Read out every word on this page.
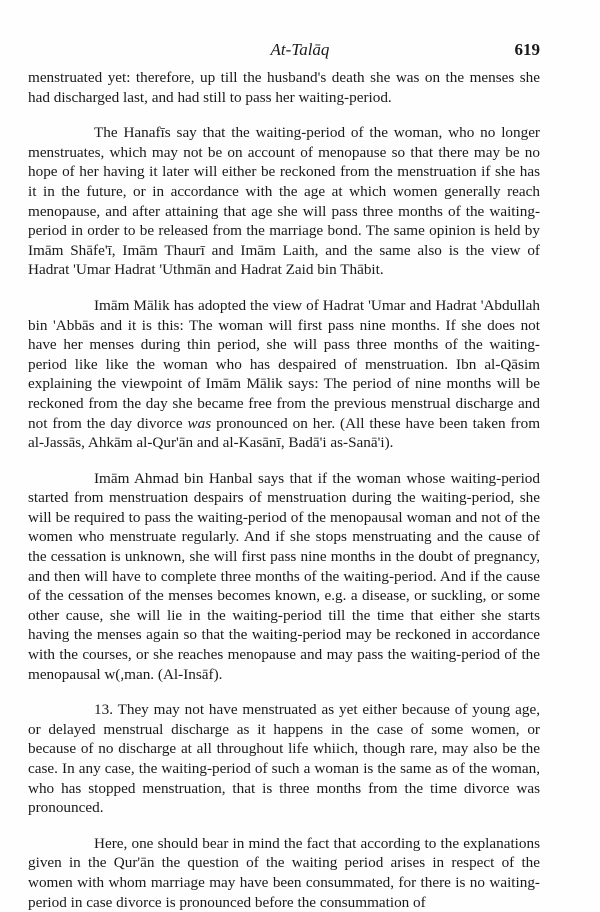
At-Talāq	619

menstruated yet: therefore, up till the husband's death she was on the menses she had discharged last, and had still to pass her waiting-period.

The Hanafīs say that the waiting-period of the woman, who no longer menstruates, which may not be on account of menopause so that there may be no hope of her having it later will either be reckoned from the menstruation if she has it in the future, or in accordance with the age at which women generally reach menopause, and after attaining that age she will pass three months of the waiting-period in order to be released from the marriage bond. The same opinion is held by Imām Shāfe'ī, Imām Thaurī and Imām Laith, and the same also is the view of Hadrat 'Umar Hadrat 'Uthmān and Hadrat Zaid bin Thābit.

Imām Mālik has adopted the view of Hadrat 'Umar and Hadrat 'Abdullah bin 'Abbās and it is this: The woman will first pass nine months. If she does not have her menses during thin period, she will pass three months of the waiting-period like like the woman who has despaired of menstruation. Ibn al-Qāsim explaining the viewpoint of Imām Mālik says: The period of nine months will be reckoned from the day she became free from the previous menstrual discharge and not from the day divorce was pronounced on her. (All these have been taken from al-Jassās, Ahkām al-Qur'ān and al-Kasānī, Badā'i as-Sanā'i).

Imām Ahmad bin Hanbal says that if the woman whose waiting-period started from menstruation despairs of menstruation during the waiting-period, she will be required to pass the waiting-period of the menopausal woman and not of the women who menstruate regularly. And if she stops menstruating and the cause of the cessation is unknown, she will first pass nine months in the doubt of pregnancy, and then will have to complete three months of the waiting-period. And if the cause of the cessation of the menses becomes known, e.g. a disease, or suckling, or some other cause, she will lie in the waiting-period till the time that either she starts having the menses again so that the waiting-period may be reckoned in accordance with the courses, or she reaches menopause and may pass the waiting-period of the menopausal w(,man. (Al-Insāf).

13. They may not have menstruated as yet either because of young age, or delayed menstrual discharge as it happens in the case of some women, or because of no discharge at all throughout life whiich, though rare, may also be the case. In any case, the waiting-period of such a woman is the same as of the woman, who has stopped menstruation, that is three months from the time divorce was pronounced.

Here, one should bear in mind the fact that according to the explanations given in the Qur'ān the question of the waiting period arises in respect of the women with whom marriage may have been consummated, for there is no waiting-period in case divorce is pronounced before the consummation of
